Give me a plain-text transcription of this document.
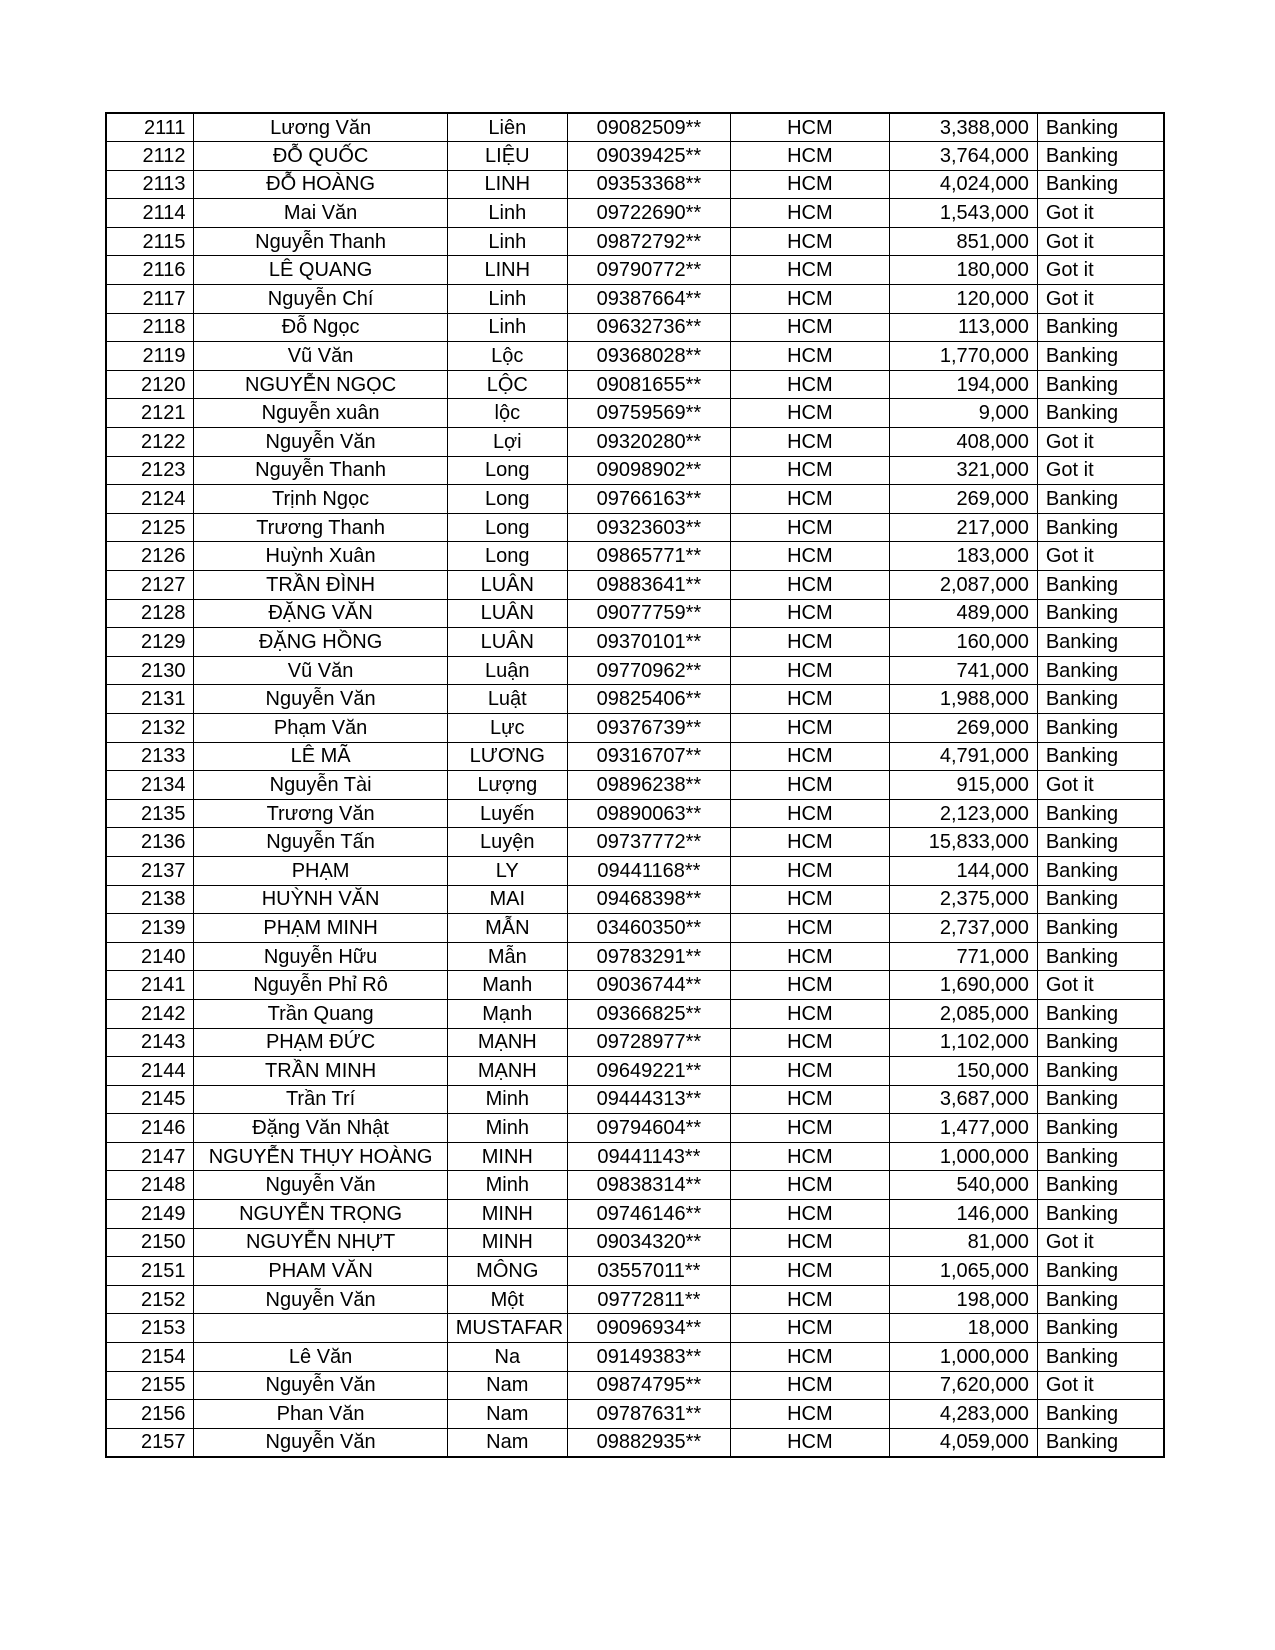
2111	Lương Văn	Liên	09082509**	HCM	3,388,000	Banking
2112	ĐỖ QUỐC	LIỆU	09039425**	HCM	3,764,000	Banking
2113	ĐỖ HOÀNG	LINH	09353368**	HCM	4,024,000	Banking
2114	Mai Văn	Linh	09722690**	HCM	1,543,000	Got it
2115	Nguyễn Thanh	Linh	09872792**	HCM	851,000	Got it
2116	LÊ QUANG	LINH	09790772**	HCM	180,000	Got it
2117	Nguyễn Chí	Linh	09387664**	HCM	120,000	Got it
2118	Đỗ Ngọc	Linh	09632736**	HCM	113,000	Banking
2119	Vũ Văn	Lộc	09368028**	HCM	1,770,000	Banking
2120	NGUYỄN NGỌC	LỘC	09081655**	HCM	194,000	Banking
2121	Nguyễn xuân	lộc	09759569**	HCM	9,000	Banking
2122	Nguyễn Văn	Lợi	09320280**	HCM	408,000	Got it
2123	Nguyễn Thanh	Long	09098902**	HCM	321,000	Got it
2124	Trịnh Ngọc	Long	09766163**	HCM	269,000	Banking
2125	Trương Thanh	Long	09323603**	HCM	217,000	Banking
2126	Huỳnh Xuân	Long	09865771**	HCM	183,000	Got it
2127	TRẦN ĐÌNH	LUÂN	09883641**	HCM	2,087,000	Banking
2128	ĐẶNG VĂN	LUÂN	09077759**	HCM	489,000	Banking
2129	ĐẶNG HỒNG	LUÂN	09370101**	HCM	160,000	Banking
2130	Vũ Văn	Luận	09770962**	HCM	741,000	Banking
2131	Nguyễn Văn	Luật	09825406**	HCM	1,988,000	Banking
2132	Phạm Văn	Lực	09376739**	HCM	269,000	Banking
2133	LÊ MÃ	LƯƠNG	09316707**	HCM	4,791,000	Banking
2134	Nguyễn Tài	Lượng	09896238**	HCM	915,000	Got it
2135	Trương Văn	Luyến	09890063**	HCM	2,123,000	Banking
2136	Nguyễn Tấn	Luyện	09737772**	HCM	15,833,000	Banking
2137	PHẠM	LY	09441168**	HCM	144,000	Banking
2138	HUỲNH VĂN	MAI	09468398**	HCM	2,375,000	Banking
2139	PHẠM MINH	MẪN	03460350**	HCM	2,737,000	Banking
2140	Nguyễn Hữu	Mẫn	09783291**	HCM	771,000	Banking
2141	Nguyễn Phỉ Rô	Manh	09036744**	HCM	1,690,000	Got it
2142	Trần Quang	Mạnh	09366825**	HCM	2,085,000	Banking
2143	PHẠM ĐỨC	MẠNH	09728977**	HCM	1,102,000	Banking
2144	TRẦN MINH	MẠNH	09649221**	HCM	150,000	Banking
2145	Trần Trí	Minh	09444313**	HCM	3,687,000	Banking
2146	Đặng Văn Nhật	Minh	09794604**	HCM	1,477,000	Banking
2147	NGUYỄN THỤY HOÀNG	MINH	09441143**	HCM	1,000,000	Banking
2148	Nguyễn Văn	Minh	09838314**	HCM	540,000	Banking
2149	NGUYỄN TRỌNG	MINH	09746146**	HCM	146,000	Banking
2150	NGUYỄN NHỰT	MINH	09034320**	HCM	81,000	Got it
2151	PHAM VĂN	MÔNG	03557011**	HCM	1,065,000	Banking
2152	Nguyễn Văn	Một	09772811**	HCM	198,000	Banking
2153		MUSTAFAR	09096934**	HCM	18,000	Banking
2154	Lê Văn	Na	09149383**	HCM	1,000,000	Banking
2155	Nguyễn Văn	Nam	09874795**	HCM	7,620,000	Got it
2156	Phan Văn	Nam	09787631**	HCM	4,283,000	Banking
2157	Nguyễn Văn	Nam	09882935**	HCM	4,059,000	Banking
